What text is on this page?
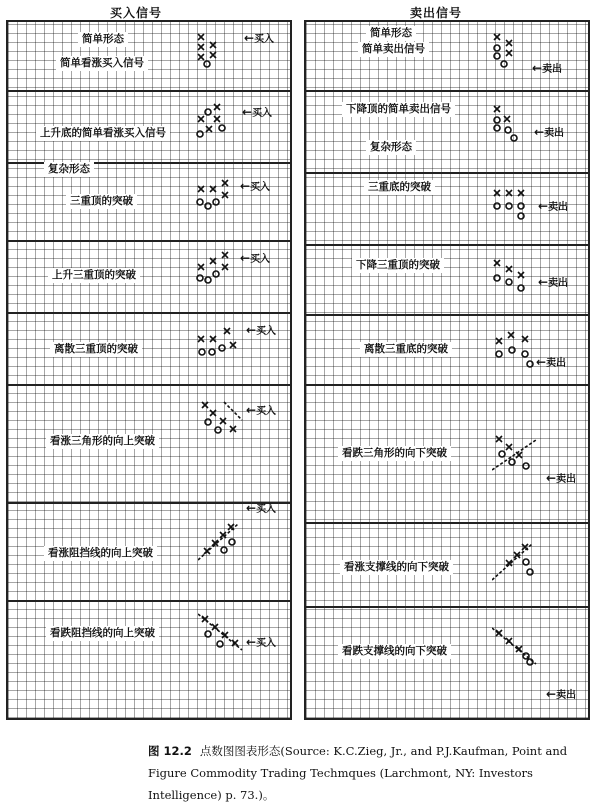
买入信号	卖出信号
简单形态
简单看涨买入信号
上升底的简单看涨买入信号
复杂形态
三重顶的突破
上升三重顶的突破
离散三重顶的突破
看涨三角形的向上突破
看涨阻挡线的向上突破
看跌阻挡线的向上突破
←买入
←买入
←买入
←买入
←买入
←买入
←买入
←买入
简单形态
简单卖出信号
下降顶的简单卖出信号
复杂形态
三重底的突破
下降三重顶的突破
离散三重底的突破
看跌三角形的向下突破
看涨支撑线的向下突破
看跌支撑线的向下突破
←卖出
←卖出
←卖出
←卖出
←卖出
←卖出
←卖出
图 12.2 点数图图表形态(Source: K.C.Zieg, Jr., and P.J.Kaufman, Point and Figure Commodity Trading Techmques (Larchmont, NY: Investors Intelligence) p. 73.)。
